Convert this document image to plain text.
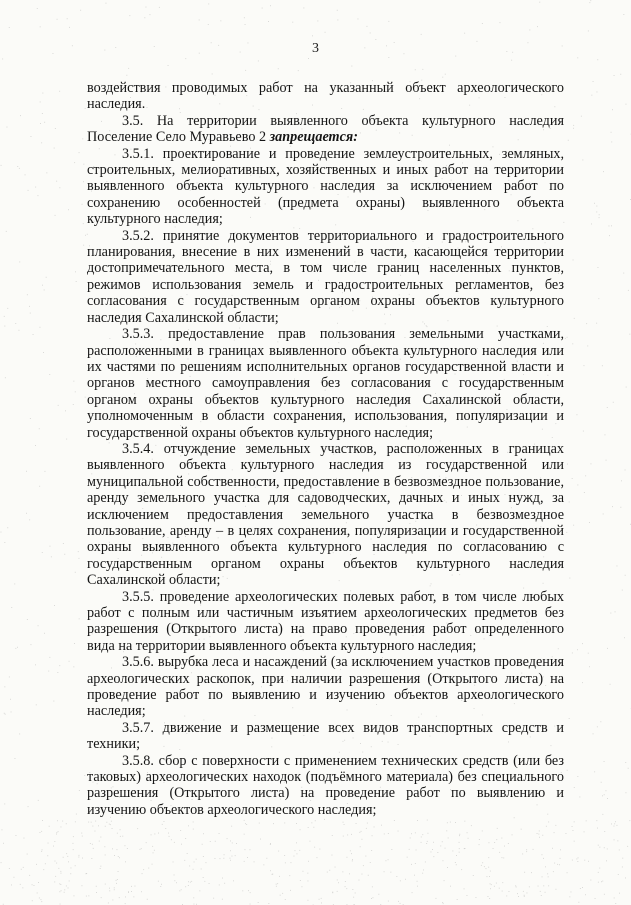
3

воздействия проводимых работ на указанный объект археологического наследия.

3.5. На территории выявленного объекта культурного наследия Поселение Село Муравьево 2 запрещается:

3.5.1. проектирование и проведение землеустроительных, земляных, строительных, мелиоративных, хозяйственных и иных работ на территории выявленного объекта культурного наследия за исключением работ по сохранению особенностей (предмета охраны) выявленного объекта культурного наследия;

3.5.2. принятие документов территориального и градостроительного планирования, внесение в них изменений в части, касающейся территории достопримечательного места, в том числе границ населенных пунктов, режимов использования земель и градостроительных регламентов, без согласования с государственным органом охраны объектов культурного наследия Сахалинской области;

3.5.3. предоставление прав пользования земельными участками, расположенными в границах выявленного объекта культурного наследия или их частями по решениям исполнительных органов государственной власти и органов местного самоуправления без согласования с государственным органом охраны объектов культурного наследия Сахалинской области, уполномоченным в области сохранения, использования, популяризации и государственной охраны объектов культурного наследия;

3.5.4. отчуждение земельных участков, расположенных в границах выявленного объекта культурного наследия из государственной или муниципальной собственности, предоставление в безвозмездное пользование, аренду земельного участка для садоводческих, дачных и иных нужд, за исключением предоставления земельного участка в безвозмездное пользование, аренду – в целях сохранения, популяризации и государственной охраны выявленного объекта культурного наследия по согласованию с государственным органом охраны объектов культурного наследия Сахалинской области;

3.5.5. проведение археологических полевых работ, в том числе любых работ с полным или частичным изъятием археологических предметов без разрешения (Открытого листа) на право проведения работ определенного вида на территории выявленного объекта культурного наследия;

3.5.6. вырубка леса и насаждений (за исключением участков проведения археологических раскопок, при наличии разрешения (Открытого листа) на проведение работ по выявлению и изучению объектов археологического наследия;

3.5.7. движение и размещение всех видов транспортных средств и техники;

3.5.8. сбор с поверхности с применением технических средств (или без таковых) археологических находок (подъёмного материала) без специального разрешения (Открытого листа) на проведение работ по выявлению и изучению объектов археологического наследия;
